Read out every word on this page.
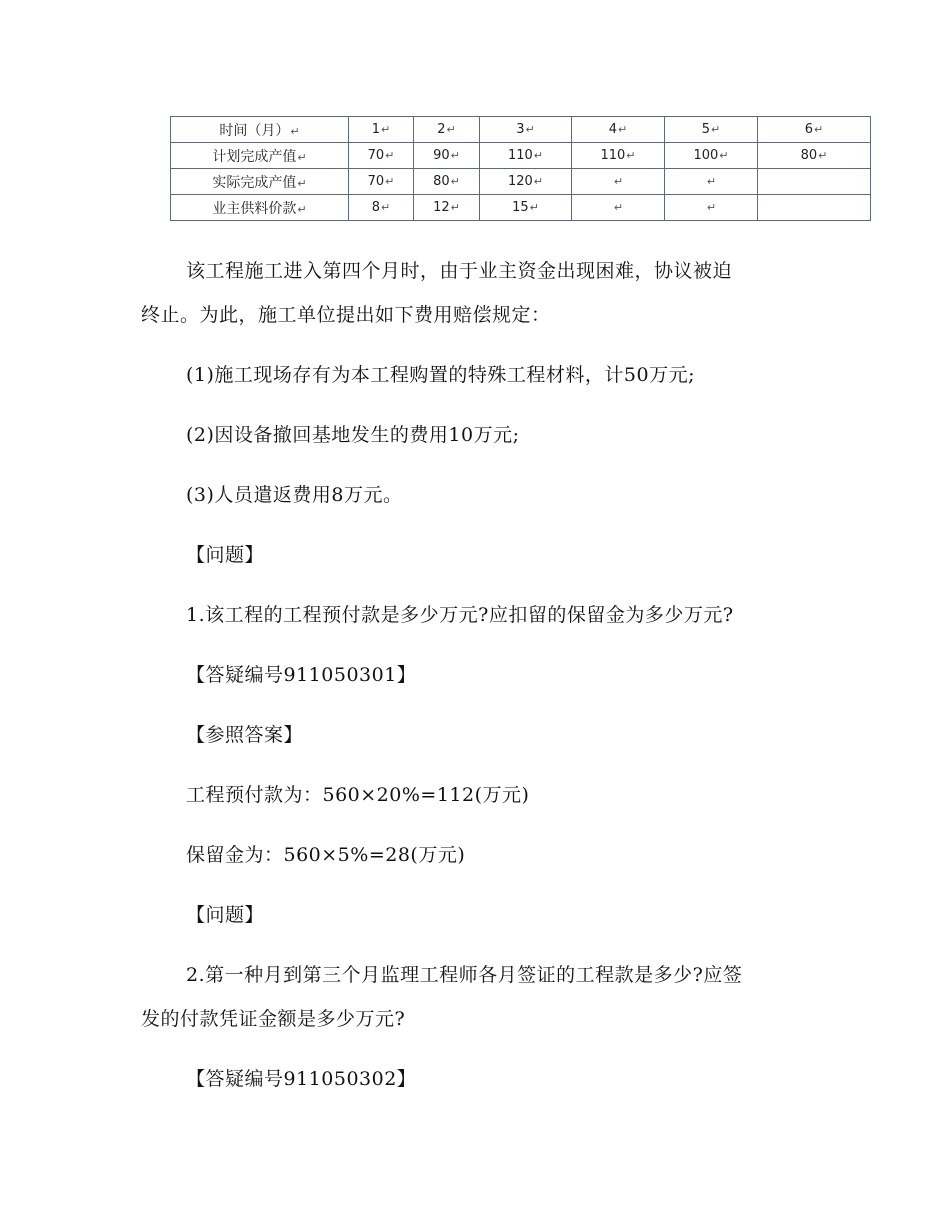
时间（月）↵	1↵	2↵	3↵	4↵	5↵	6↵
计划完成产值↵	70↵	90↵	110↵	110↵	100↵	80↵
实际完成产值↵	70↵	80↵	120↵	↵	↵	
业主供料价款↵	8↵	12↵	15↵	↵	↵	

该工程施工进入第四个月时，由于业主资金出现困难，协议被迫

终止。为此，施工单位提出如下费用赔偿规定：

(1)施工现场存有为本工程购置的特殊工程材料，计50万元;

(2)因设备撤回基地发生的费用10万元;

(3)人员遣返费用8万元。

【问题】

1.该工程的工程预付款是多少万元?应扣留的保留金为多少万元?

【答疑编号911050301】

【参照答案】

工程预付款为：560×20%=112(万元)

保留金为：560×5%=28(万元)

【问题】

2.第一种月到第三个月监理工程师各月签证的工程款是多少?应签

发的付款凭证金额是多少万元?

【答疑编号911050302】
